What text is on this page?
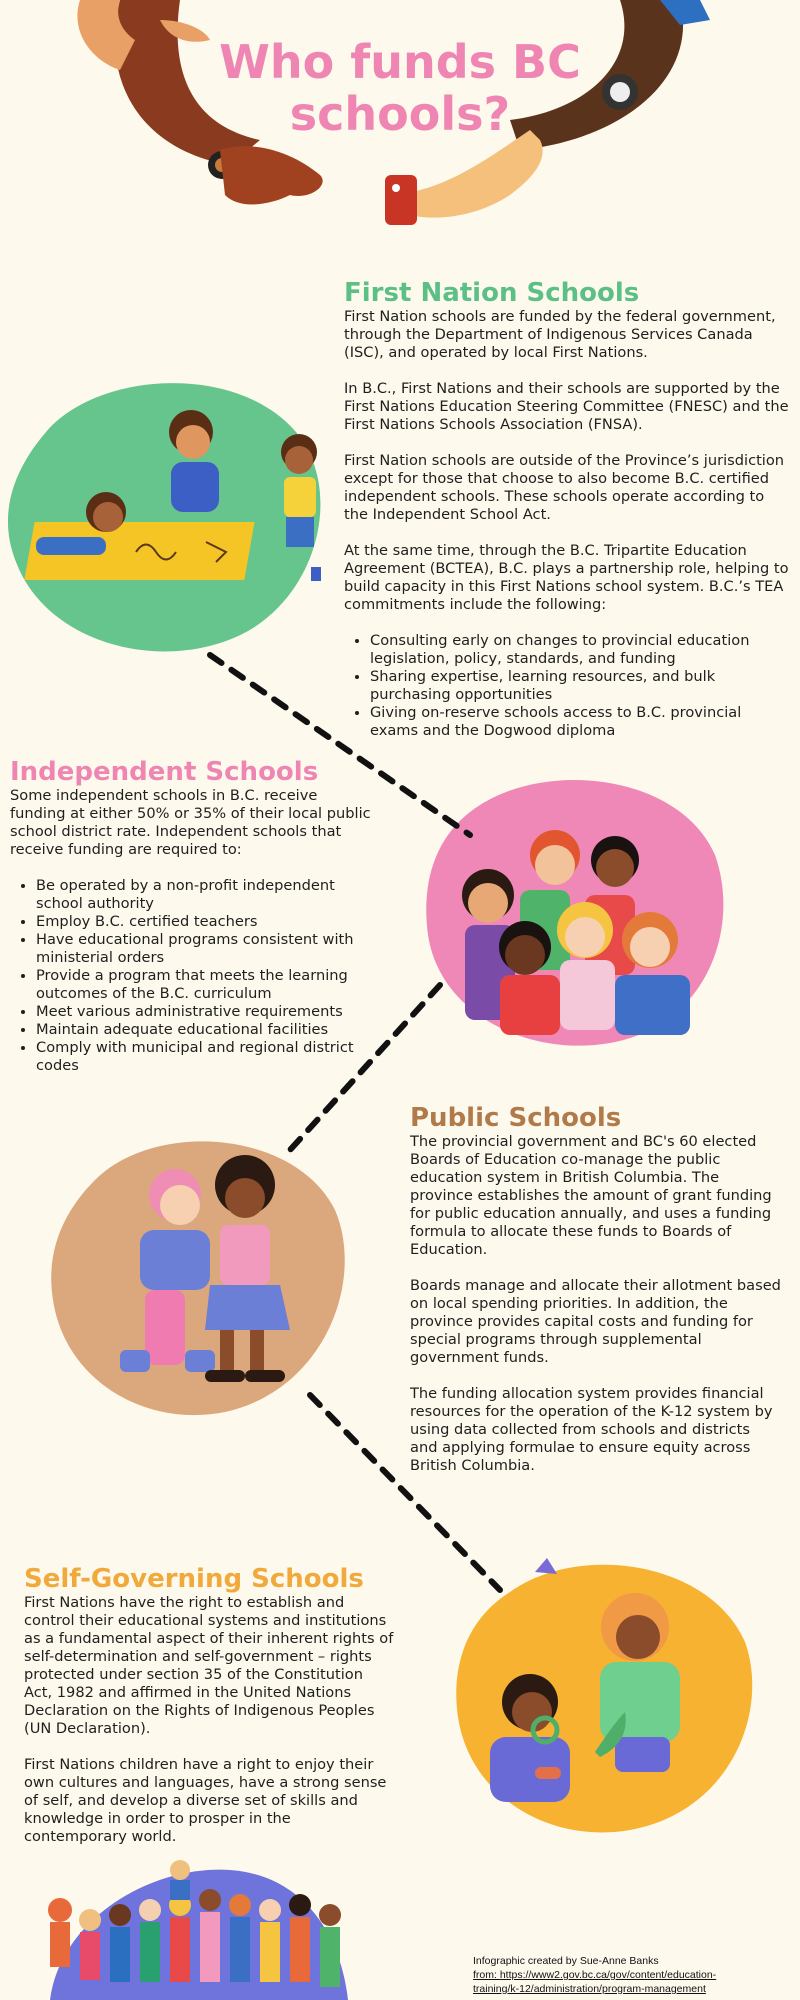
Who funds BC schools?
First Nation Schools

First Nation schools are funded by the federal government, through the Department of Indigenous Services Canada (ISC), and operated by local First Nations.

In B.C., First Nations and their schools are supported by the First Nations Education Steering Committee (FNESC) and the First Nations Schools Association (FNSA).

First Nation schools are outside of the Province’s jurisdiction except for those that choose to also become B.C. certified independent schools. These schools operate according to the Independent School Act.

At the same time, through the B.C. Tripartite Education Agreement (BCTEA), B.C. plays a partnership role, helping to build capacity in this First Nations school system. B.C.’s TEA commitments include the following:

• Consulting early on changes to provincial education legislation, policy, standards, and funding
• Sharing expertise, learning resources, and bulk purchasing opportunities
• Giving on-reserve schools access to B.C. provincial exams and the Dogwood diploma
Independent Schools

Some independent schools in B.C. receive funding at either 50% or 35% of their local public school district rate. Independent schools that receive funding are required to:

• Be operated by a non-profit independent school authority
• Employ B.C. certified teachers
• Have educational programs consistent with ministerial orders
• Provide a program that meets the learning outcomes of the B.C. curriculum
• Meet various administrative requirements
• Maintain adequate educational facilities
• Comply with municipal and regional district codes
Public Schools

The provincial government and BC's 60 elected Boards of Education co-manage the public education system in British Columbia. The province establishes the amount of grant funding for public education annually, and uses a funding formula to allocate these funds to Boards of Education.

Boards manage and allocate their allotment based on local spending priorities. In addition, the province provides capital costs and funding for special programs through supplemental government funds.

The funding allocation system provides financial resources for the operation of the K-12 system by using data collected from schools and districts and applying formulae to ensure equity across British Columbia.

Self-Governing Schools

First Nations have the right to establish and control their educational systems and institutions as a fundamental aspect of their inherent rights of self-determination and self-government – rights protected under section 35 of the Constitution Act, 1982 and affirmed in the United Nations Declaration on the Rights of Indigenous Peoples (UN Declaration).

First Nations children have a right to enjoy their own cultures and languages, have a strong sense of self, and develop a diverse set of skills and knowledge in order to prosper in the contemporary world.

Infographic created by Sue-Anne Banks
from: https://www2.gov.bc.ca/gov/content/education-
training/k-12/administration/program-management
